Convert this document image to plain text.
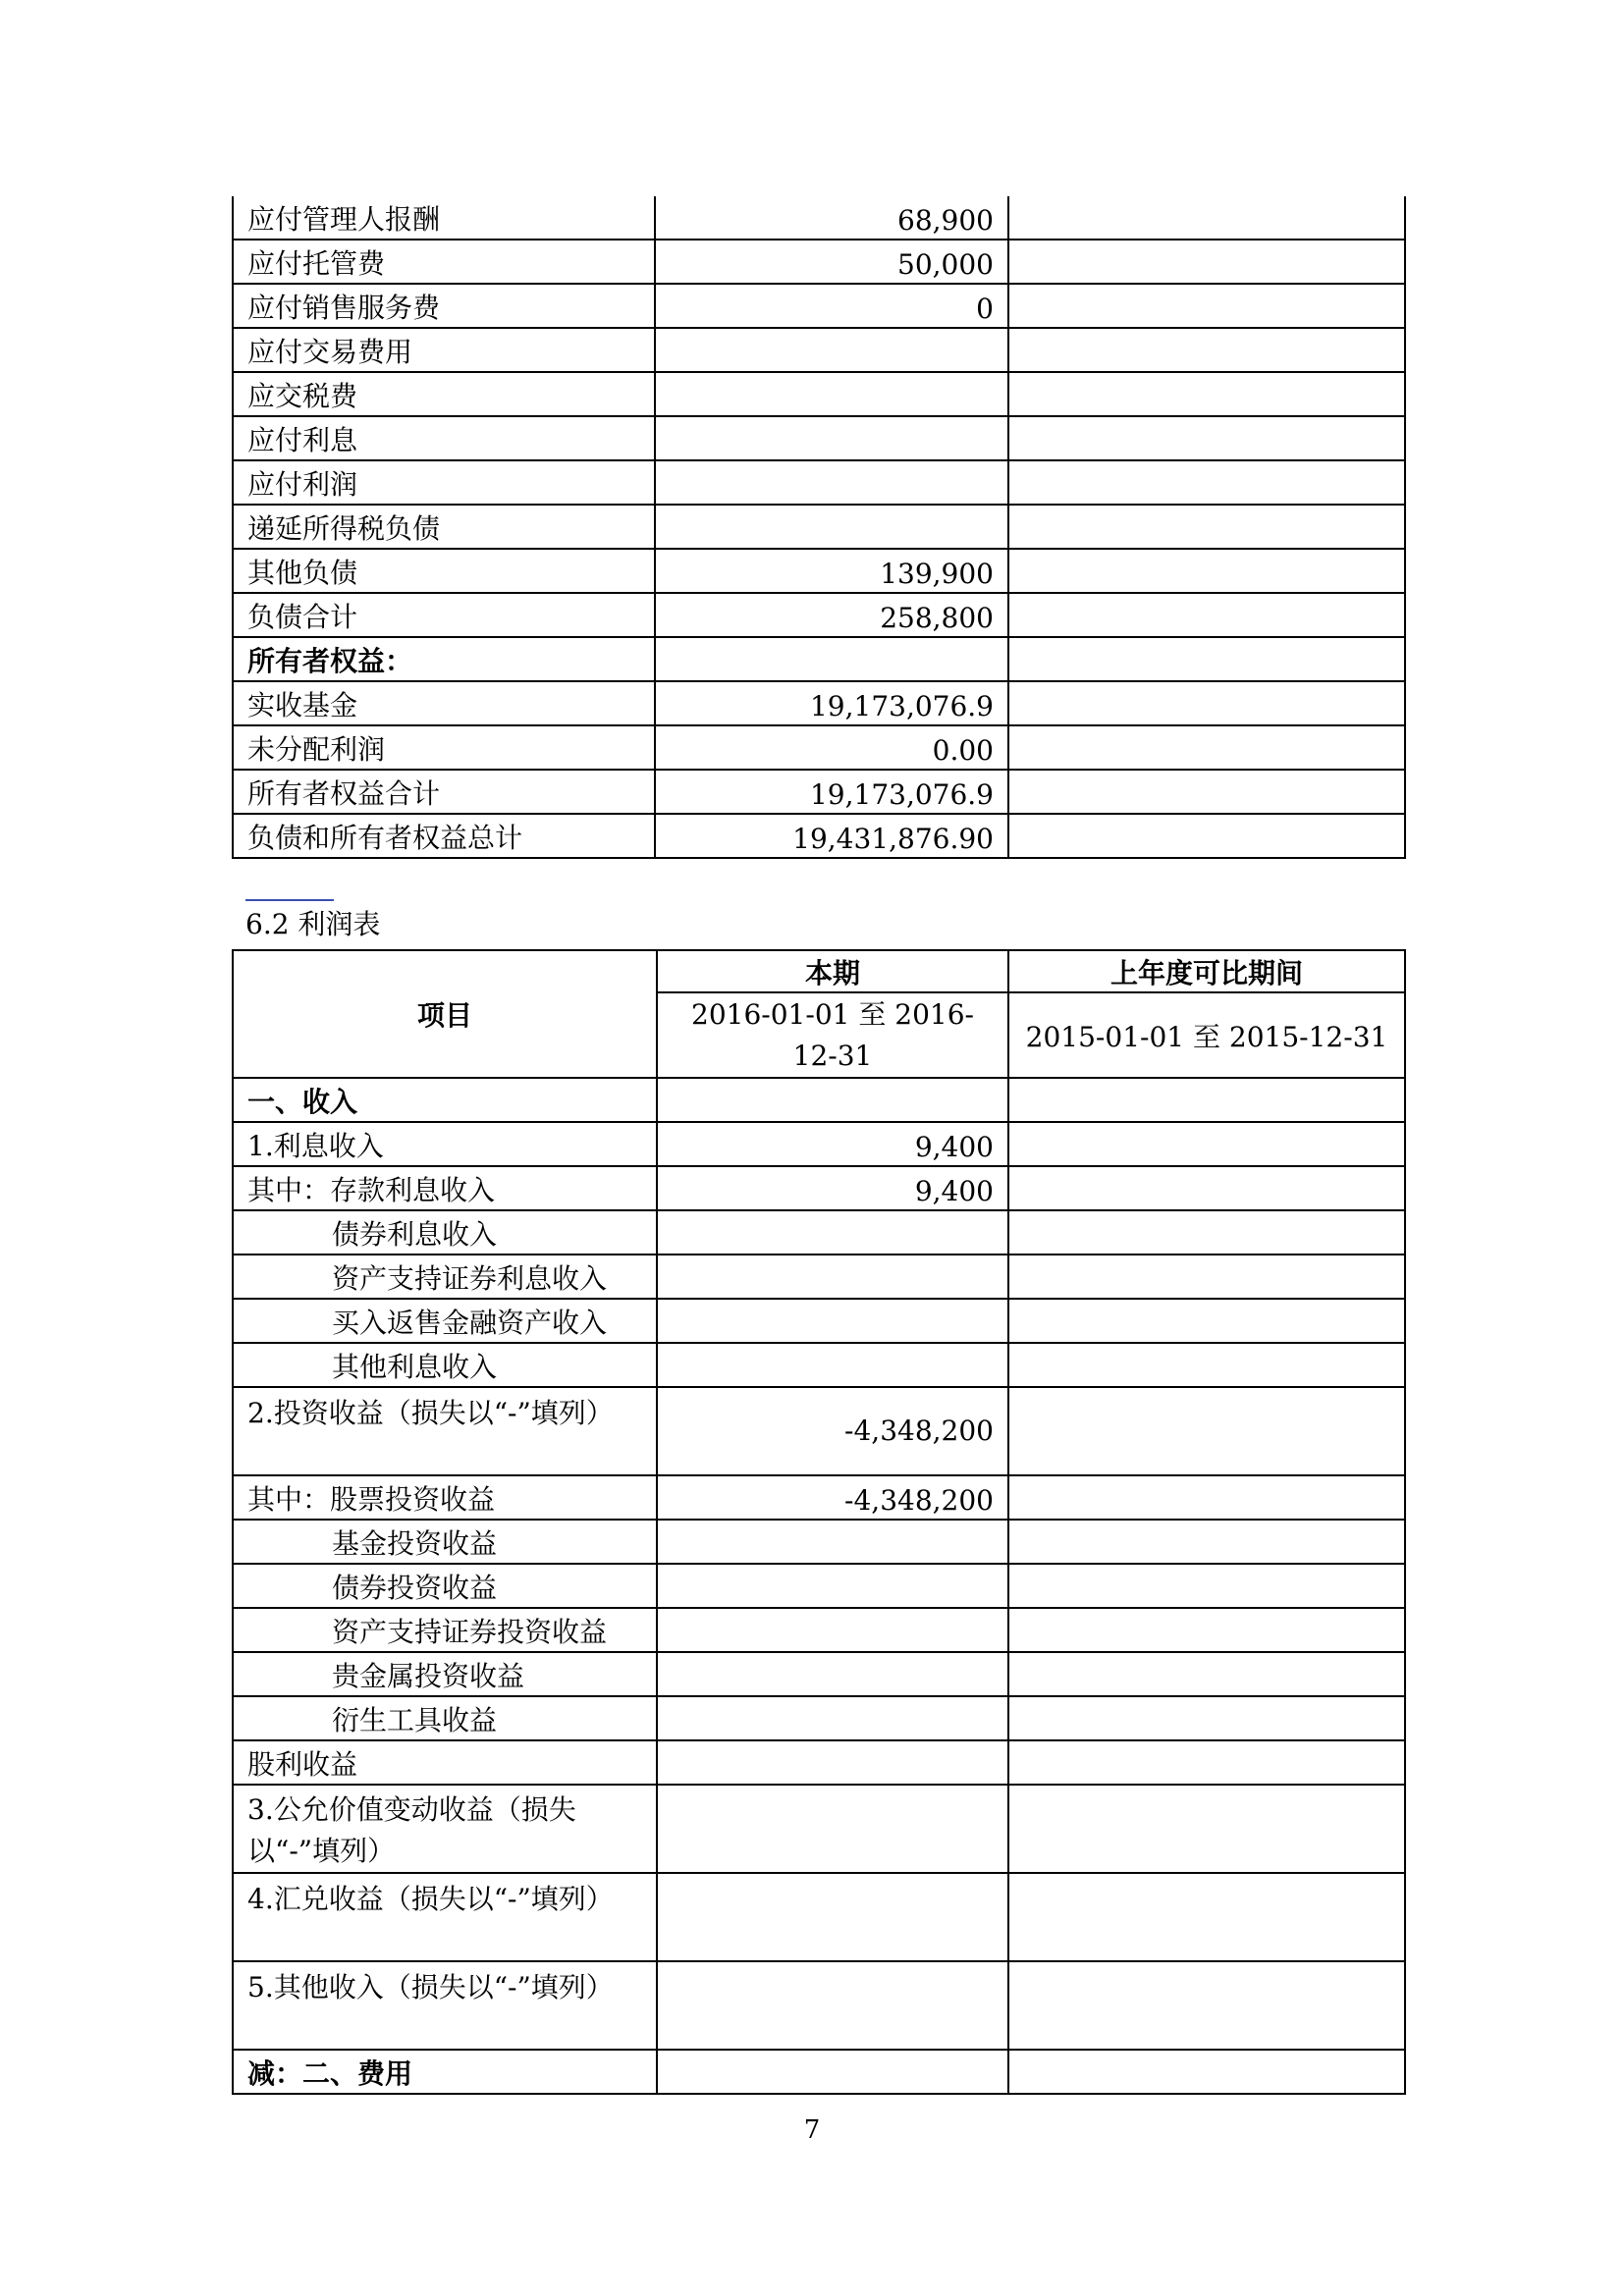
应付管理人报酬	68,900	
应付托管费	50,000	
应付销售服务费	0	
应付交易费用		
应交税费		
应付利息		
应付利润		
递延所得税负债		
其他负债	139,900	
负债合计	258,800	
所有者权益：		
实收基金	19,173,076.9	
未分配利润	0.00	
所有者权益合计	19,173,076.9	
负债和所有者权益总计	19,431,876.90	
6.2 利润表
项目	本期	上年度可比期间
	2016-01-01 至 2016-12-31	2015-01-01 至 2015-12-31
一、收入		
1.利息收入	9,400	
其中：存款利息收入	9,400	
债券利息收入		
资产支持证券利息收入		
买入返售金融资产收入		
其他利息收入		
2.投资收益（损失以“-”填列）	-4,348,200	
其中：股票投资收益	-4,348,200	
基金投资收益		
债券投资收益		
资产支持证券投资收益		
贵金属投资收益		
衍生工具收益		
股利收益		
3.公允价值变动收益（损失以“-”填列）		
4.汇兑收益（损失以“-”填列）		
5.其他收入（损失以“-”填列）		
减：二、费用		
7
